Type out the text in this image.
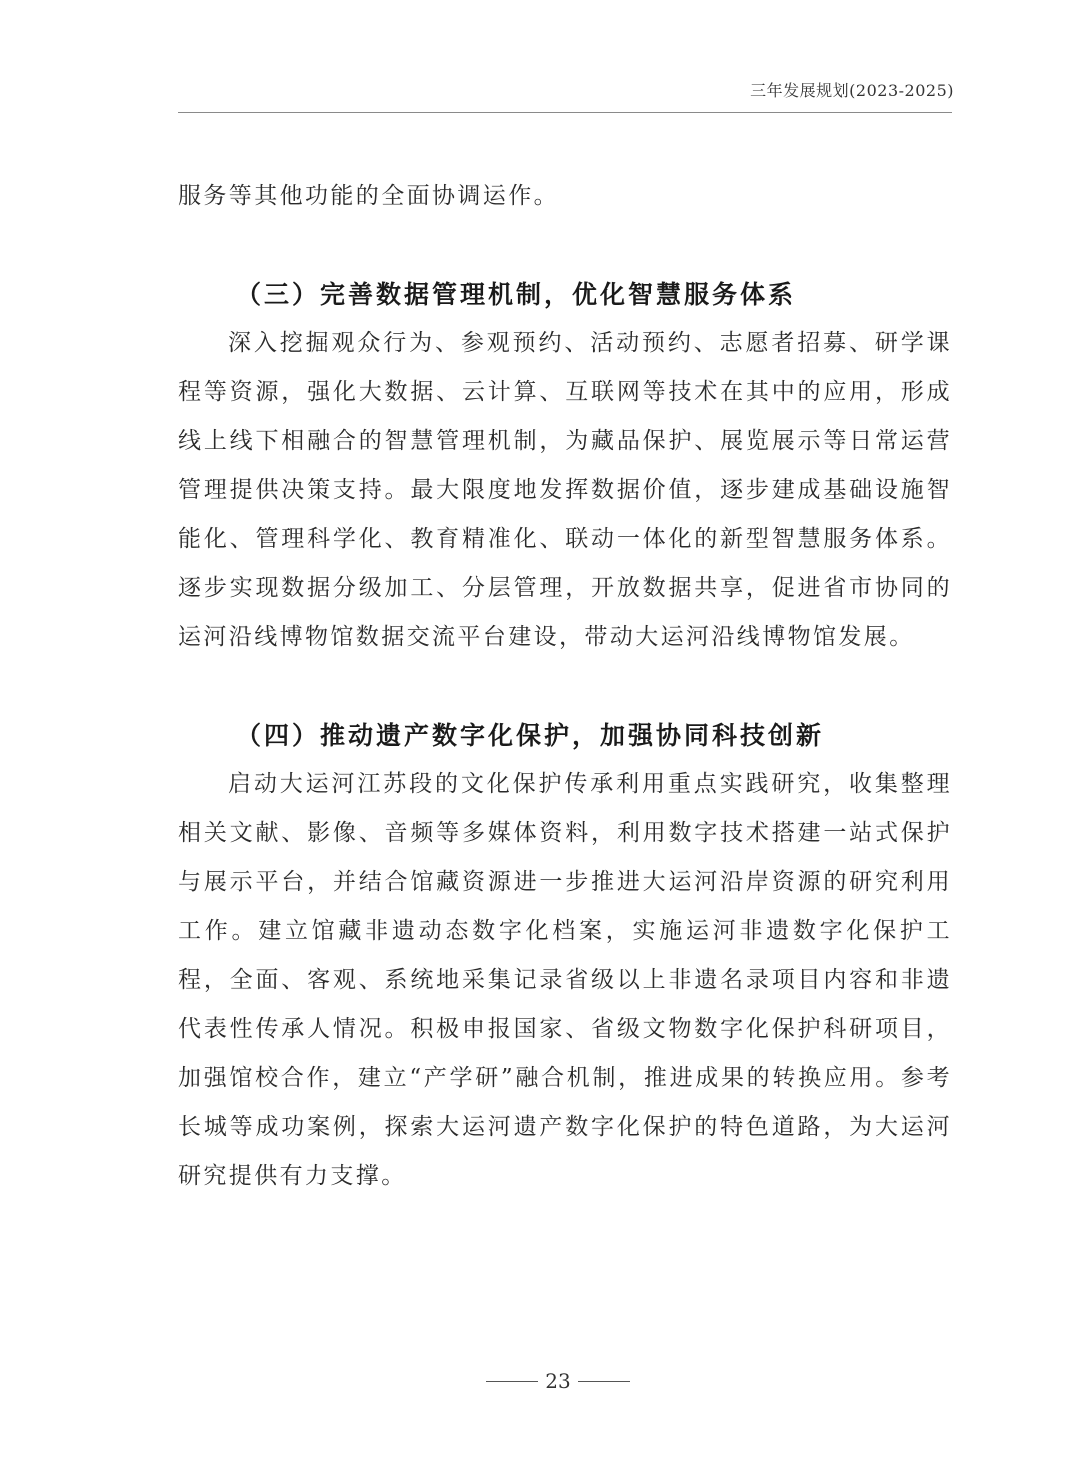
三年发展规划(2023-2025)

服务等其他功能的全面协调运作。

（三）完善数据管理机制，优化智慧服务体系

深入挖掘观众行为、参观预约、活动预约、志愿者招募、研学课程等资源，强化大数据、云计算、互联网等技术在其中的应用，形成线上线下相融合的智慧管理机制，为藏品保护、展览展示等日常运营管理提供决策支持。最大限度地发挥数据价值，逐步建成基础设施智能化、管理科学化、教育精准化、联动一体化的新型智慧服务体系。逐步实现数据分级加工、分层管理，开放数据共享，促进省市协同的运河沿线博物馆数据交流平台建设，带动大运河沿线博物馆发展。

（四）推动遗产数字化保护，加强协同科技创新

启动大运河江苏段的文化保护传承利用重点实践研究，收集整理相关文献、影像、音频等多媒体资料，利用数字技术搭建一站式保护与展示平台，并结合馆藏资源进一步推进大运河沿岸资源的研究利用工作。建立馆藏非遗动态数字化档案，实施运河非遗数字化保护工程，全面、客观、系统地采集记录省级以上非遗名录项目内容和非遗代表性传承人情况。积极申报国家、省级文物数字化保护科研项目，加强馆校合作，建立“产学研”融合机制，推进成果的转换应用。参考长城等成功案例，探索大运河遗产数字化保护的特色道路，为大运河研究提供有力支撑。

23
